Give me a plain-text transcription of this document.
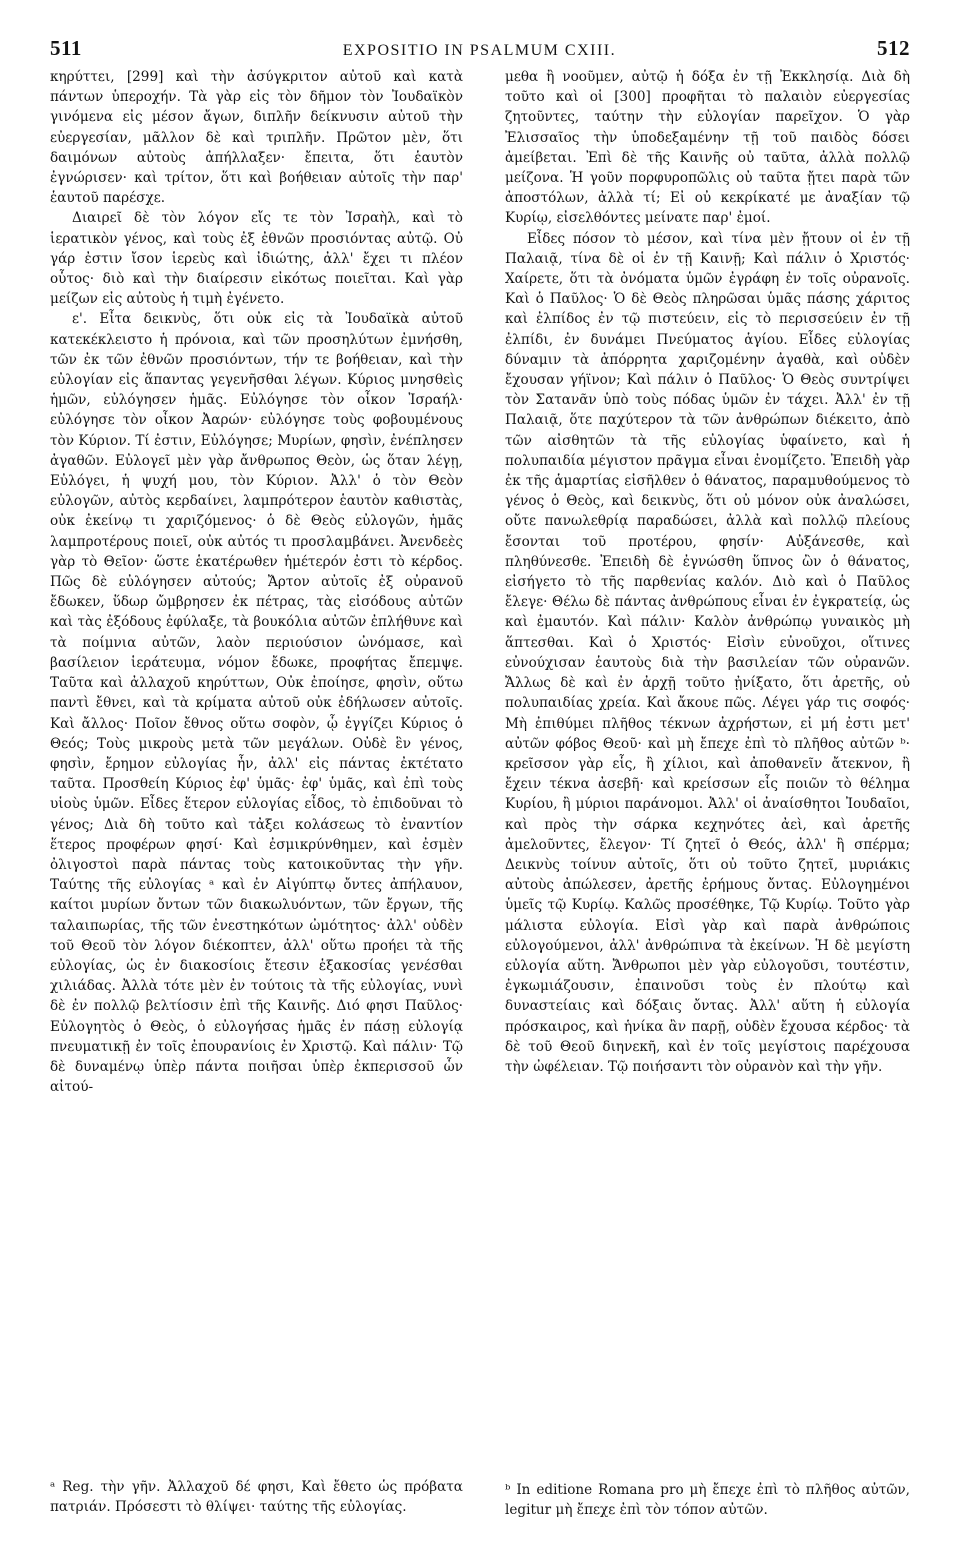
511	EXPOSITIO IN PSALMUM CXIII.	512

κηρύττει, [299] καὶ τὴν ἀσύγκριτον αὐτοῦ καὶ κατὰ πάντων ὑπεροχήν. Τὰ γὰρ εἰς τὸν δῆμον τὸν Ἰουδαϊκὸν γινόμενα εἰς μέσον ἄγων, διπλῆν δείκνυσιν αὐτοῦ τὴν εὐεργεσίαν, μᾶλλον δὲ καὶ τριπλῆν. Πρῶτον μὲν, ὅτι δαιμόνων αὐτοὺς ἀπήλλαξεν· ἔπειτα, ὅτι ἑαυτὸν ἐγνώρισεν· καὶ τρίτον, ὅτι καὶ βοήθειαν αὐτοῖς τὴν παρ' ἑαυτοῦ παρέσχε.

Διαιρεῖ δὲ τὸν λόγον εἴς τε τὸν Ἰσραὴλ, καὶ τὸ ἱερατικὸν γένος, καὶ τοὺς ἐξ ἐθνῶν προσιόντας αὐτῷ. Οὐ γάρ ἐστιν ἴσον ἱερεὺς καὶ ἰδιώτης, ἀλλ' ἔχει τι πλέον οὗτος· διὸ καὶ τὴν διαίρεσιν εἰκότως ποιεῖται. Καὶ γὰρ μείζων εἰς αὐτοὺς ἡ τιμὴ ἐγένετο.

ε'. Εἶτα δεικνὺς, ὅτι οὐκ εἰς τὰ Ἰουδαϊκὰ αὐτοῦ κατεκέκλειστο ἡ πρόνοια, καὶ τῶν προσηλύτων ἐμνήσθη, τῶν ἐκ τῶν ἐθνῶν προσιόντων, τήν τε βοήθειαν, καὶ τὴν εὐλογίαν εἰς ἅπαντας γεγενῆσθαι λέγων. Κύριος μνησθεὶς ἡμῶν, εὐλόγησεν ἡμᾶς. Εὐλόγησε τὸν οἶκον Ἰσραήλ· εὐλόγησε τὸν οἶκον Ἀαρών· εὐλόγησε τοὺς φοβουμένους τὸν Κύριον. Τί ἐστιν, Εὐλόγησε; Μυρίων, φησὶν, ἐνέπλησεν ἀγαθῶν. Εὐλογεῖ μὲν γὰρ ἄνθρωπος Θεὸν, ὡς ὅταν λέγῃ, Εὐλόγει, ἡ ψυχή μου, τὸν Κύριον. Ἀλλ' ὁ τὸν Θεὸν εὐλογῶν, αὐτὸς κερδαίνει, λαμπρότερον ἑαυτὸν καθιστὰς, οὐκ ἐκείνῳ τι χαριζόμενος· ὁ δὲ Θεὸς εὐλογῶν, ἡμᾶς λαμπροτέρους ποιεῖ, οὐκ αὐτός τι προσλαμβάνει. Ἀνενδεὲς γὰρ τὸ Θεῖον· ὥστε ἑκατέρωθεν ἡμέτερόν ἐστι τὸ κέρδος. Πῶς δὲ εὐλόγησεν αὐτούς; Ἄρτον αὐτοῖς ἐξ οὐρανοῦ ἔδωκεν, ὕδωρ ὤμβρησεν ἐκ πέτρας, τὰς εἰσόδους αὐτῶν καὶ τὰς ἐξόδους ἐφύλαξε, τὰ βουκόλια αὐτῶν ἐπλήθυνε καὶ τὰ ποίμνια αὐτῶν, λαὸν περιούσιον ὠνόμασε, καὶ βασίλειον ἱεράτευμα, νόμον ἔδωκε, προφήτας ἔπεμψε. Ταῦτα καὶ ἀλλαχοῦ κηρύττων, Οὐκ ἐποίησε, φησὶν, οὕτω παντὶ ἔθνει, καὶ τὰ κρίματα αὐτοῦ οὐκ ἐδήλωσεν αὐτοῖς. Καὶ ἄλλος· Ποῖον ἔθνος οὕτω σοφὸν, ᾧ ἐγγίζει Κύριος ὁ Θεός; Τοὺς μικροὺς μετὰ τῶν μεγάλων. Οὐδὲ ἓν γένος, φησὶν, ἔρημον εὐλογίας ἦν, ἀλλ' εἰς πάντας ἐκτέτατο ταῦτα. Προσθείη Κύριος ἐφ' ὑμᾶς· ἐφ' ὑμᾶς, καὶ ἐπὶ τοὺς υἱοὺς ὑμῶν. Εἶδες ἕτερον εὐλογίας εἶδος, τὸ ἐπιδοῦναι τὸ γένος; Διὰ δὴ τοῦτο καὶ τἀξει κολάσεως τὸ ἐναντίον ἕτερος προφέρων φησί· Καὶ ἐσμικρύνθημεν, καὶ ἐσμὲν ὀλιγοστοὶ παρὰ πάντας τοὺς κατοικοῦντας τὴν γῆν. Ταύτης τῆς εὐλογίας ᵃ καὶ ἐν Αἰγύπτῳ ὄντες ἀπήλαυον, καίτοι μυρίων ὄντων τῶν διακωλυόντων, τῶν ἔργων, τῆς ταλαιπωρίας, τῆς τῶν ἐνεστηκότων ὠμότητος· ἀλλ' οὐδὲν τοῦ Θεοῦ τὸν λόγον διέκοπτεν, ἀλλ' οὕτω προήει τὰ τῆς εὐλογίας, ὡς ἐν διακοσίοις ἔτεσιν ἑξακοσίας γενέσθαι χιλιάδας. Ἀλλὰ τότε μὲν ἐν τούτοις τὰ τῆς εὐλογίας, νυνὶ δὲ ἐν πολλῷ βελτίοσιν ἐπὶ τῆς Καινῆς. Διό φησι Παῦλος· Εὐλογητὸς ὁ Θεὸς, ὁ εὐλογήσας ἡμᾶς ἐν πάσῃ εὐλογίᾳ πνευματικῇ ἐν τοῖς ἐπουρανίοις ἐν Χριστῷ. Καὶ πάλιν· Τῷ δὲ δυναμένῳ ὑπὲρ πάντα ποιῆσαι ὑπὲρ ἐκπερισσοῦ ὧν αἰτού-

ᵃ Reg. τὴν γῆν. Ἀλλαχοῦ δέ φησι, Καὶ ἔθετο ὡς πρόβατα πατριάν. Πρόσεστι τὸ θλίψει· ταύτης τῆς εὐλογίας.

μεθα ἢ νοοῦμεν, αὐτῷ ἡ δόξα ἐν τῇ Ἐκκλησίᾳ. Διὰ δὴ τοῦτο καὶ οἱ [300] προφῆται τὸ παλαιὸν εὐεργεσίας ζητοῦντες, ταύτην τὴν εὐλογίαν παρεῖχον. Ὁ γὰρ Ἐλισσαῖος τὴν ὑποδεξαμένην τῇ τοῦ παιδὸς δόσει ἀμείβεται. Ἐπὶ δὲ τῆς Καινῆς οὐ ταῦτα, ἀλλὰ πολλῷ μείζονα. Ἡ γοῦν πορφυροπῶλις οὐ ταῦτα ᾔτει παρὰ τῶν ἀποστόλων, ἀλλὰ τί; Εἰ οὐ κεκρίκατέ με ἀναξίαν τῷ Κυρίῳ, εἰσελθόντες μείνατε παρ' ἐμοί.

Εἶδες πόσον τὸ μέσον, καὶ τίνα μὲν ᾔτουν οἱ ἐν τῇ Παλαιᾷ, τίνα δὲ οἱ ἐν τῇ Καινῇ; Καὶ πάλιν ὁ Χριστός· Χαίρετε, ὅτι τὰ ὀνόματα ὑμῶν ἐγράφη ἐν τοῖς οὐρανοῖς. Καὶ ὁ Παῦλος· Ὁ δὲ Θεὸς πληρῶσαι ὑμᾶς πάσης χάριτος καὶ ἐλπίδος ἐν τῷ πιστεύειν, εἰς τὸ περισσεύειν ἐν τῇ ἐλπίδι, ἐν δυνάμει Πνεύματος ἁγίου. Εἶδες εὐλογίας δύναμιν τὰ ἀπόρρητα χαριζομένην ἀγαθὰ, καὶ οὐδὲν ἔχουσαν γήϊνον; Καὶ πάλιν ὁ Παῦλος· Ὁ Θεὸς συντρίψει τὸν Σατανᾶν ὑπὸ τοὺς πόδας ὑμῶν ἐν τάχει. Ἀλλ' ἐν τῇ Παλαιᾷ, ὅτε παχύτερον τὰ τῶν ἀνθρώπων διέκειτο, ἀπὸ τῶν αἰσθητῶν τὰ τῆς εὐλογίας ὑφαίνετο, καὶ ἡ πολυπαιδία μέγιστον πρᾶγμα εἶναι ἐνομίζετο. Ἐπειδὴ γὰρ ἐκ τῆς ἁμαρτίας εἰσῆλθεν ὁ θάνατος, παραμυθούμενος τὸ γένος ὁ Θεὸς, καὶ δεικνὺς, ὅτι οὐ μόνον οὐκ ἀναλώσει, οὔτε πανωλεθρίᾳ παραδώσει, ἀλλὰ καὶ πολλῷ πλείους ἔσονται τοῦ προτέρου, φησίν· Αὐξάνεσθε, καὶ πληθύνεσθε. Ἐπειδὴ δὲ ἐγνώσθη ὕπνος ὢν ὁ θάνατος, εἰσήγετο τὸ τῆς παρθενίας καλόν. Διὸ καὶ ὁ Παῦλος ἔλεγε· Θέλω δὲ πάντας ἀνθρώπους εἶναι ἐν ἐγκρατείᾳ, ὡς καὶ ἐμαυτόν. Καὶ πάλιν· Καλὸν ἀνθρώπῳ γυναικὸς μὴ ἅπτεσθαι. Καὶ ὁ Χριστός· Εἰσὶν εὐνοῦχοι, οἵτινες εὐνούχισαν ἑαυτοὺς διὰ τὴν βασιλείαν τῶν οὐρανῶν. Ἄλλως δὲ καὶ ἐν ἀρχῇ τοῦτο ᾐνίξατο, ὅτι ἀρετῆς, οὐ πολυπαιδίας χρεία. Καὶ ἄκουε πῶς. Λέγει γάρ τις σοφός· Μὴ ἐπιθύμει πλῆθος τέκνων ἀχρήστων, εἰ μή ἐστι μετ' αὐτῶν φόβος Θεοῦ· καὶ μὴ ἔπεχε ἐπὶ τὸ πλῆθος αὐτῶν ᵇ· κρεῖσσον γὰρ εἷς, ἢ χίλιοι, καὶ ἀποθανεῖν ἄτεκνον, ἢ ἔχειν τέκνα ἀσεβῆ· καὶ κρείσσων εἷς ποιῶν τὸ θέλημα Κυρίου, ἢ μύριοι παράνομοι. Ἀλλ' οἱ ἀναίσθητοι Ἰουδαῖοι, καὶ πρὸς τὴν σάρκα κεχηνότες ἀεὶ, καὶ ἀρετῆς ἀμελοῦντες, ἔλεγον· Τί ζητεῖ ὁ Θεός, ἀλλ' ἢ σπέρμα; Δεικνὺς τοίνυν αὐτοῖς, ὅτι οὐ τοῦτο ζητεῖ, μυριάκις αὐτοὺς ἀπώλεσεν, ἀρετῆς ἐρήμους ὄντας. Εὐλογημένοι ὑμεῖς τῷ Κυρίῳ. Καλῶς προσέθηκε, Τῷ Κυρίῳ. Τοῦτο γὰρ μάλιστα εὐλογία. Εἰσὶ γὰρ καὶ παρὰ ἀνθρώποις εὐλογούμενοι, ἀλλ' ἀνθρώπινα τὰ ἐκείνων. Ἡ δὲ μεγίστη εὐλογία αὕτη. Ἄνθρωποι μὲν γὰρ εὐλογοῦσι, τουτέστιν, ἐγκωμιάζουσιν, ἐπαινοῦσι τοὺς ἐν πλούτῳ καὶ δυναστείαις καὶ δόξαις ὄντας. Ἀλλ' αὕτη ἡ εὐλογία πρόσκαιρος, καὶ ἡνίκα ἂν παρῇ, οὐδὲν ἔχουσα κέρδος· τὰ δὲ τοῦ Θεοῦ διηνεκῆ, καὶ ἐν τοῖς μεγίστοις παρέχουσα τὴν ὠφέλειαν. Τῷ ποιήσαντι τὸν οὐρανὸν καὶ τὴν γῆν.

ᵇ In editione Romana pro μὴ ἔπεχε ἐπὶ τὸ πλῆθος αὐτῶν, legitur μὴ ἔπεχε ἐπὶ τὸν τόπον αὐτῶν.
